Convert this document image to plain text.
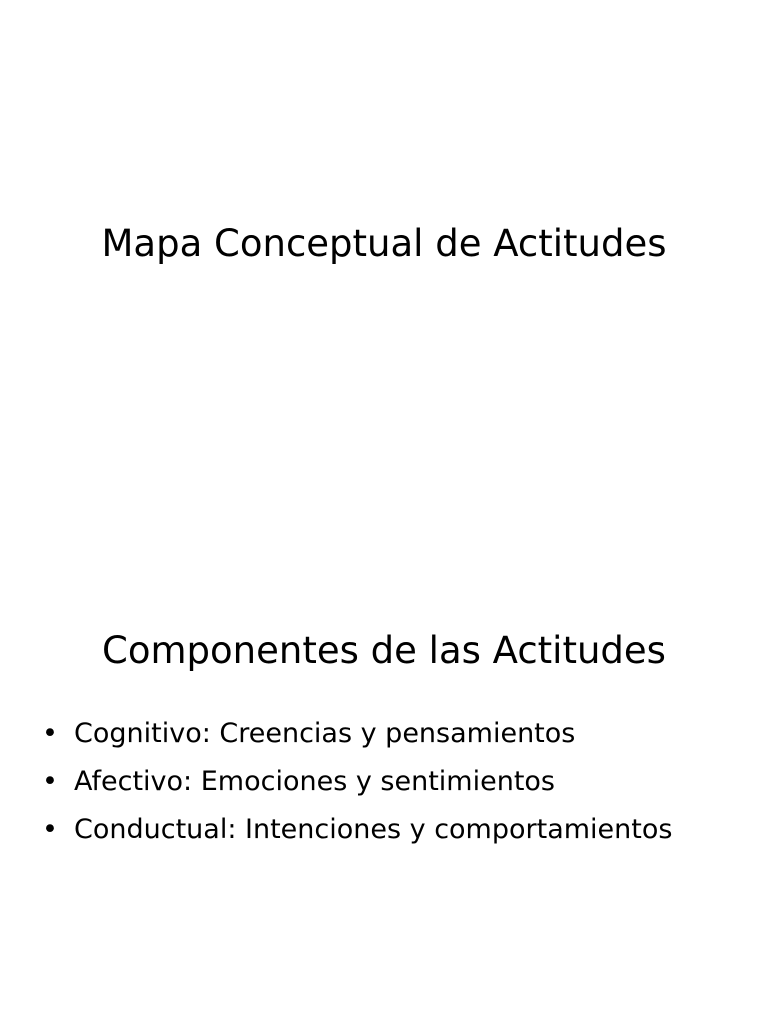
Mapa Conceptual de Actitudes
Componentes de las Actitudes
• Cognitivo: Creencias y pensamientos
• Afectivo: Emociones y sentimientos
• Conductual: Intenciones y comportamientos
